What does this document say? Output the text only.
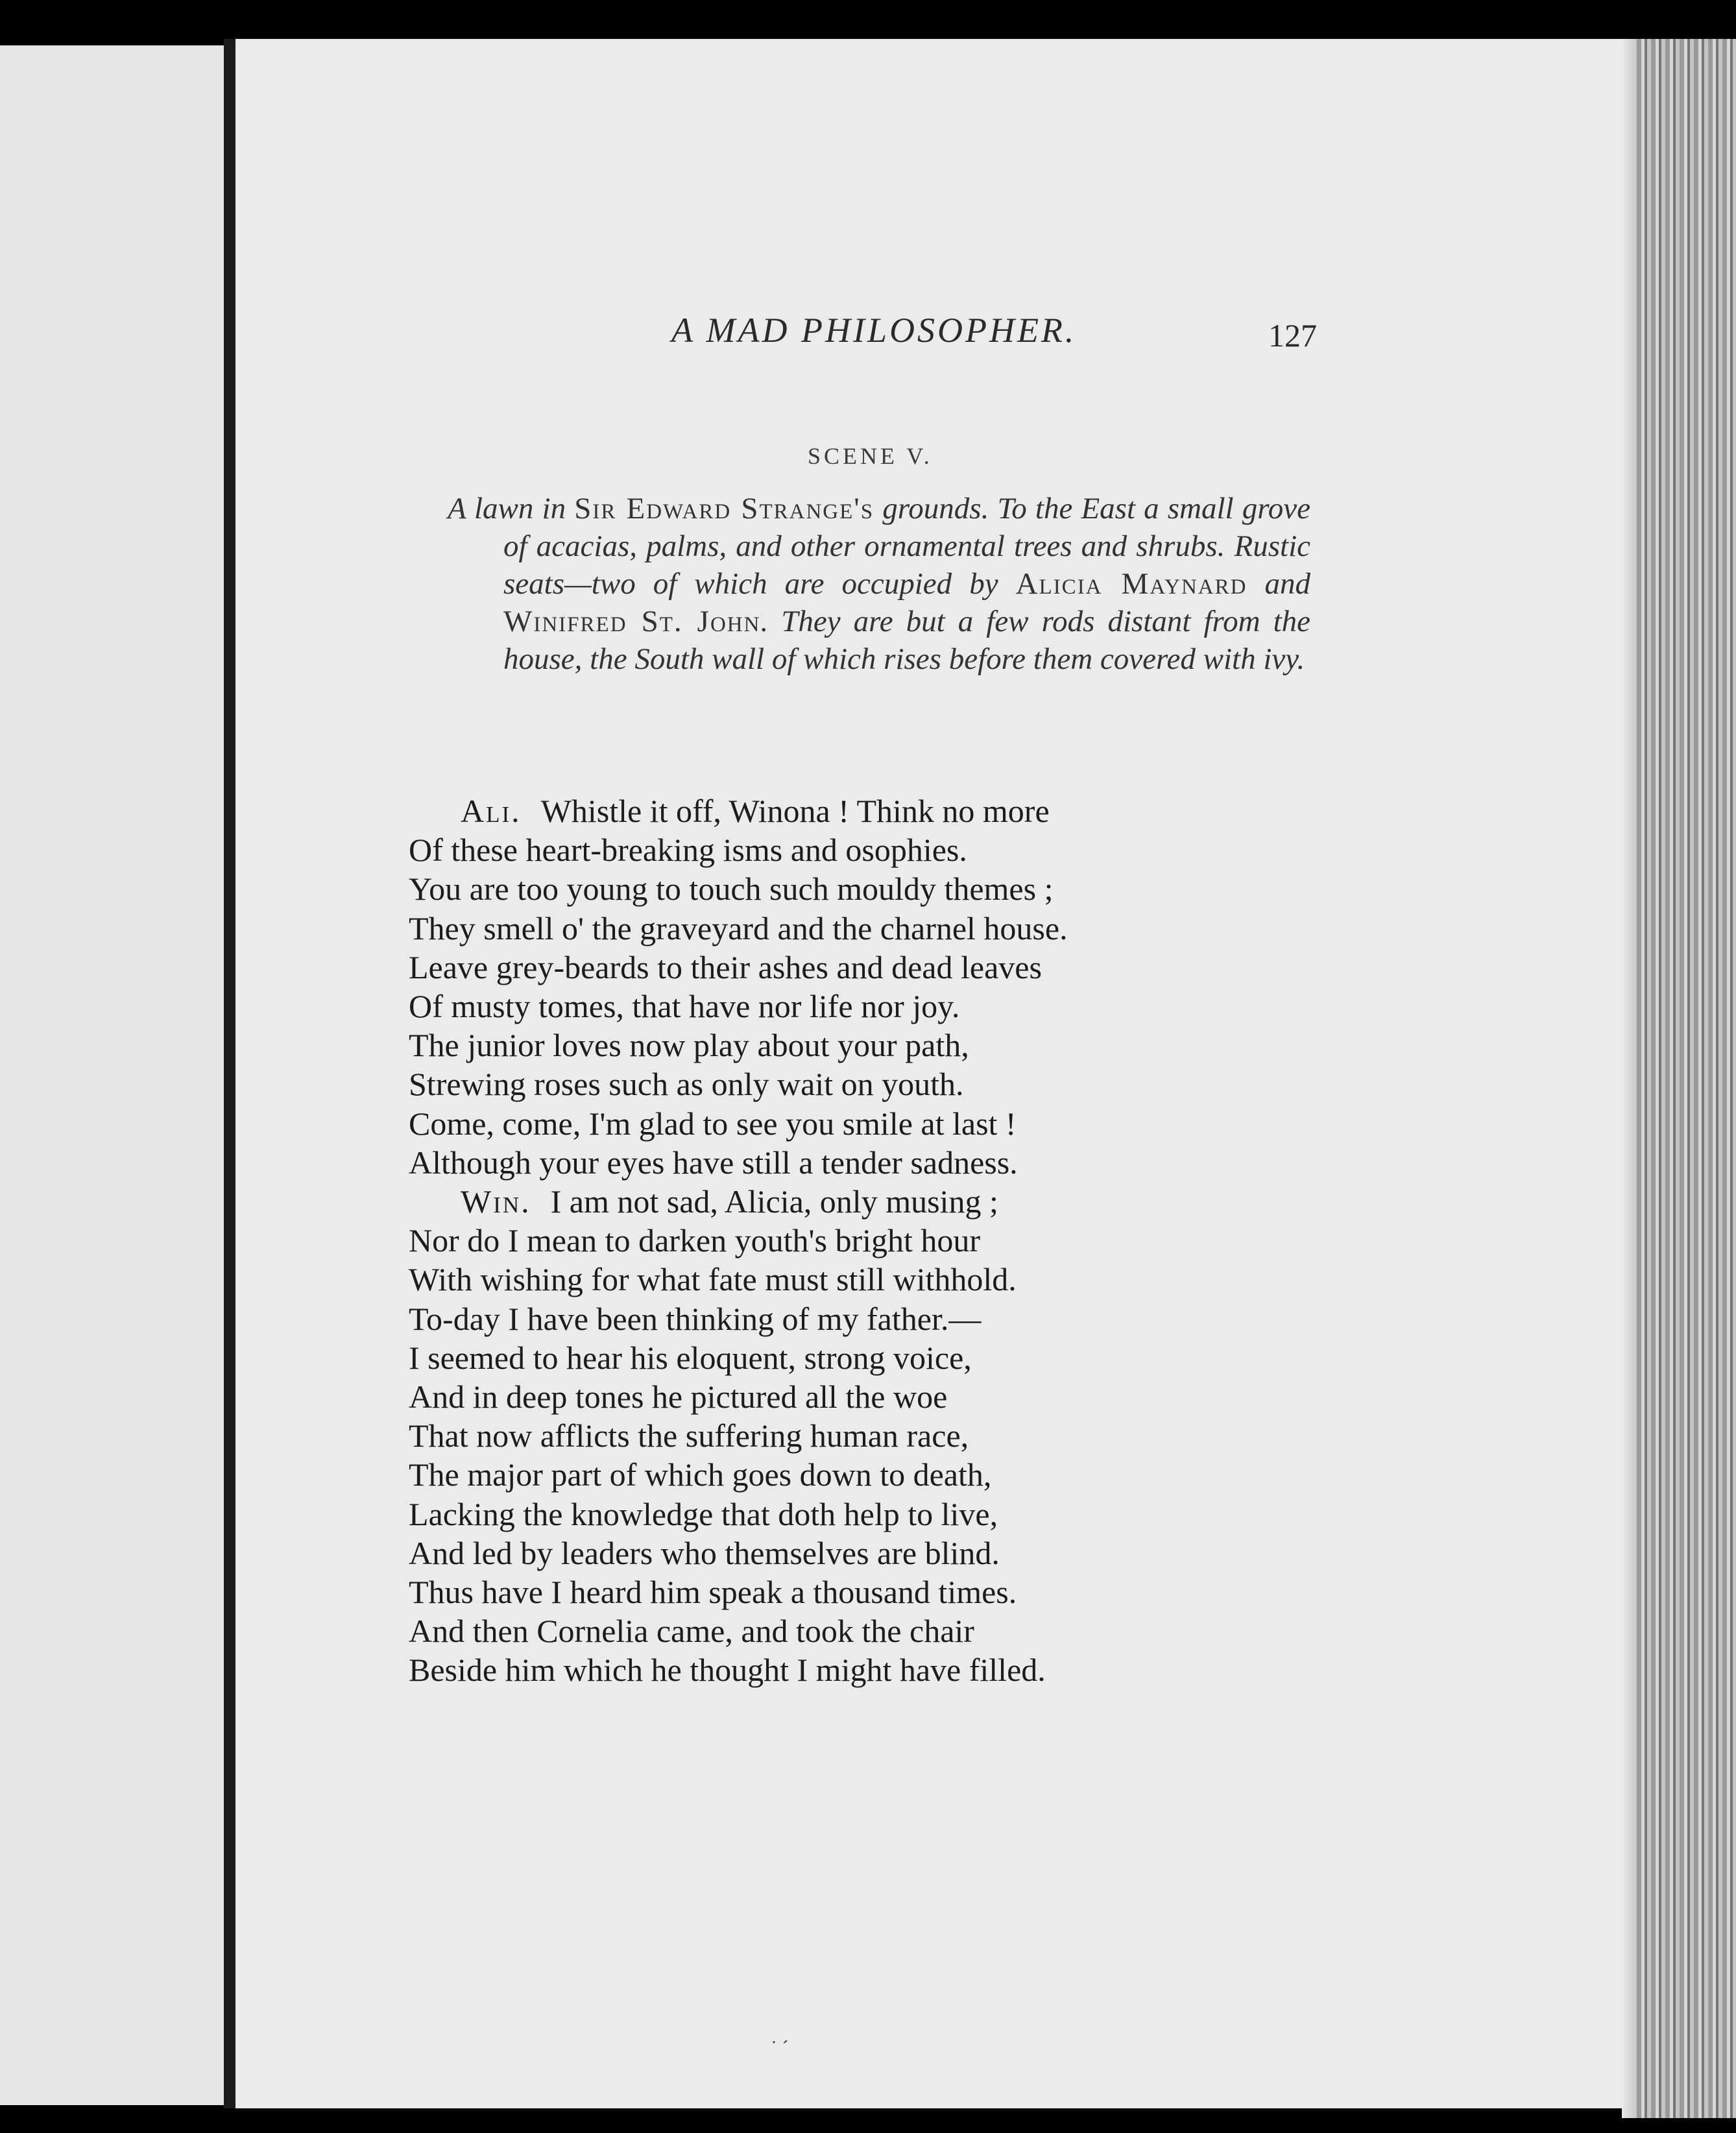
A MAD PHILOSOPHER.	127
SCENE V.
A lawn in Sir Edward Strange's grounds. To the East a small grove of acacias, palms, and other ornamental trees and shrubs. Rustic seats—two of which are occupied by Alicia Maynard and Winifred St. John. They are but a few rods distant from the house, the South wall of which rises before them covered with ivy.
Ali. Whistle it off, Winona ! Think no more
Of these heart-breaking isms and osophies.
You are too young to touch such mouldy themes ;
They smell o' the graveyard and the charnel house.
Leave grey-beards to their ashes and dead leaves
Of musty tomes, that have nor life nor joy.
The junior loves now play about your path,
Strewing roses such as only wait on youth.
Come, come, I'm glad to see you smile at last !
Although your eyes have still a tender sadness.
Win. I am not sad, Alicia, only musing ;
Nor do I mean to darken youth's bright hour
With wishing for what fate must still withhold.
To-day I have been thinking of my father.—
I seemed to hear his eloquent, strong voice,
And in deep tones he pictured all the woe
That now afflicts the suffering human race,
The major part of which goes down to death,
Lacking the knowledge that doth help to live,
And led by leaders who themselves are blind.
Thus have I heard him speak a thousand times.
And then Cornelia came, and took the chair
Beside him which he thought I might have filled.
˙ ˊ
